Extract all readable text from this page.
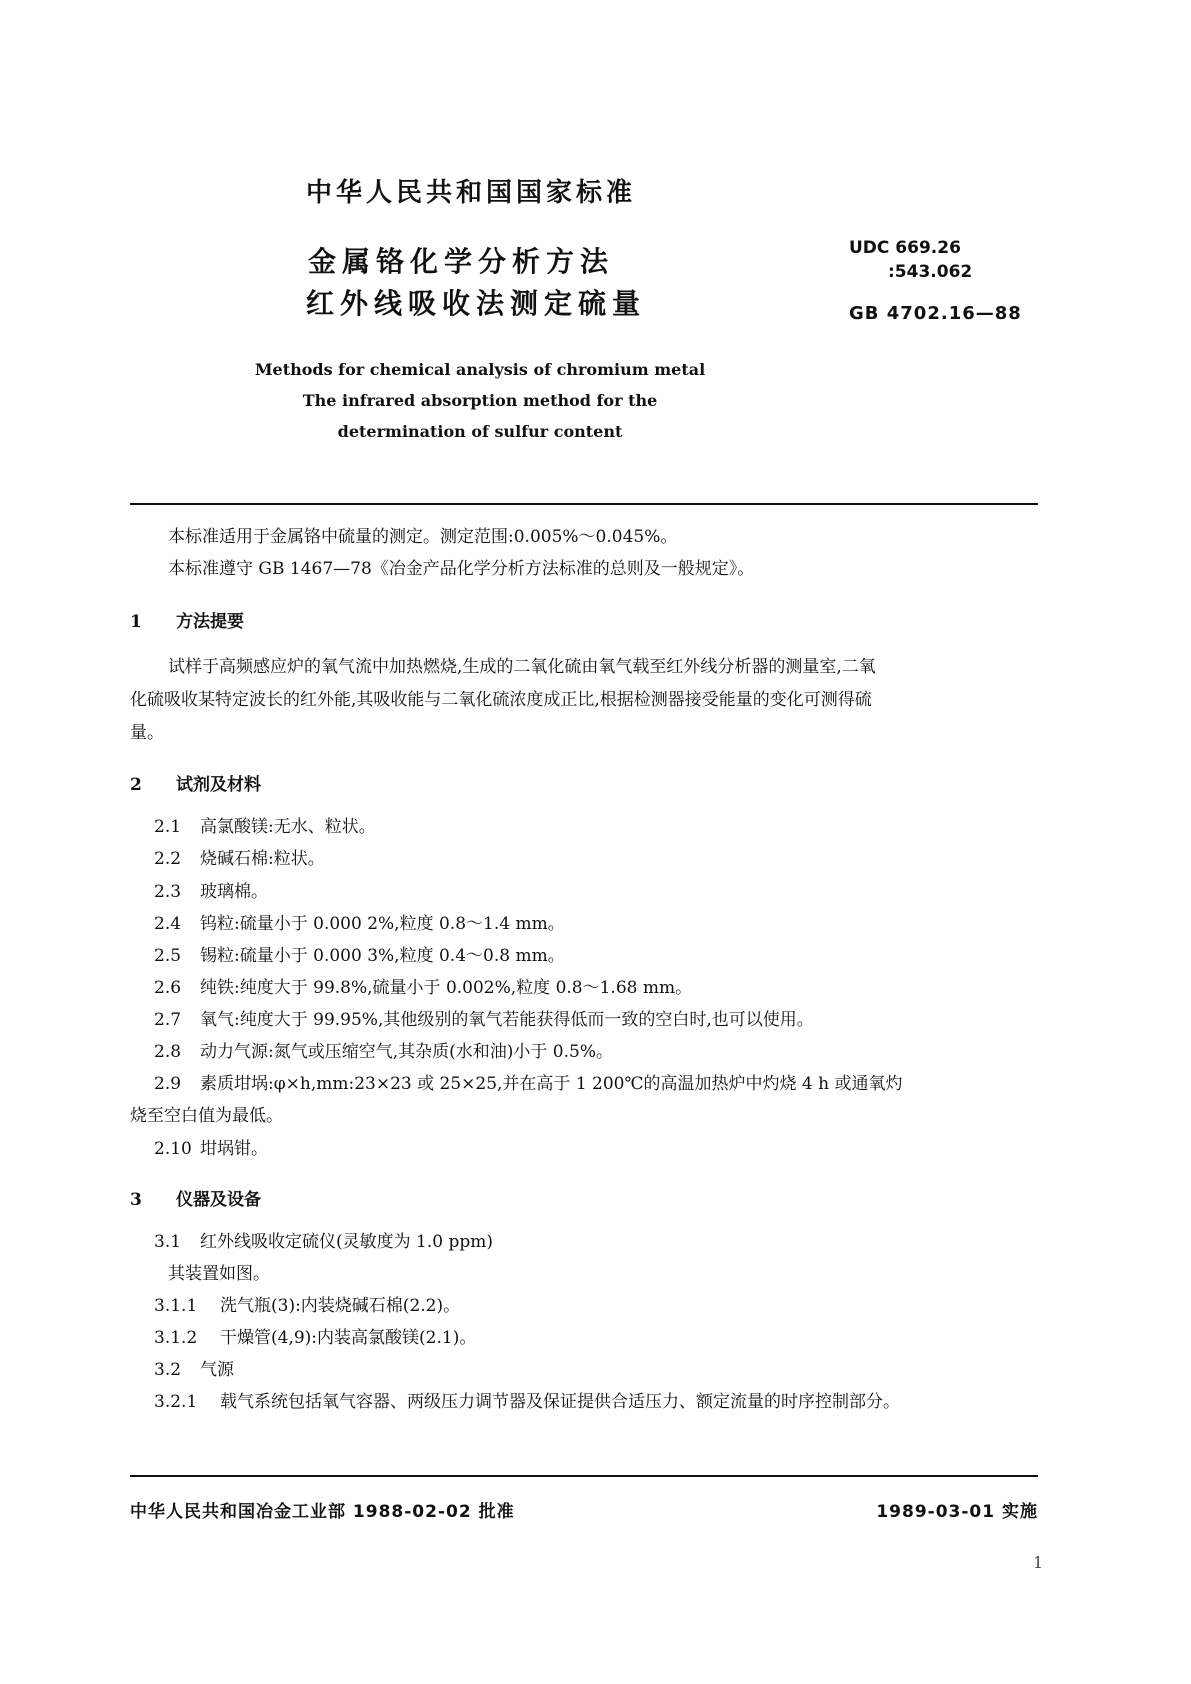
中华人民共和国国家标准
金属铬化学分析方法
红外线吸收法测定硫量
UDC 669.26
:543.062
GB 4702.16—88
Methods for chemical analysis of chromium metal
The infrared absorption method for the
determination of sulfur content
本标准适用于金属铬中硫量的测定。测定范围:0.005%～0.045%。
本标准遵守 GB 1467—78《冶金产品化学分析方法标准的总则及一般规定》。
1 方法提要
试样于高频感应炉的氧气流中加热燃烧,生成的二氧化硫由氧气载至红外线分析器的测量室,二氧
化硫吸收某特定波长的红外能,其吸收能与二氧化硫浓度成正比,根据检测器接受能量的变化可测得硫
量。
2 试剂及材料
2.1 高氯酸镁:无水、粒状。
2.2 烧碱石棉:粒状。
2.3 玻璃棉。
2.4 钨粒:硫量小于 0.000 2%,粒度 0.8～1.4 mm。
2.5 锡粒:硫量小于 0.000 3%,粒度 0.4～0.8 mm。
2.6 纯铁:纯度大于 99.8%,硫量小于 0.002%,粒度 0.8～1.68 mm。
2.7 氧气:纯度大于 99.95%,其他级别的氧气若能获得低而一致的空白时,也可以使用。
2.8 动力气源:氮气或压缩空气,其杂质(水和油)小于 0.5%。
2.9 素质坩埚:φ×h,mm:23×23 或 25×25,并在高于 1 200℃的高温加热炉中灼烧 4 h 或通氧灼
烧至空白值为最低。
2.10 坩埚钳。
3 仪器及设备
3.1 红外线吸收定硫仪(灵敏度为 1.0 ppm)
其装置如图。
3.1.1 洗气瓶(3):内装烧碱石棉(2.2)。
3.1.2 干燥管(4,9):内装高氯酸镁(2.1)。
3.2 气源
3.2.1 载气系统包括氧气容器、两级压力调节器及保证提供合适压力、额定流量的时序控制部分。
中华人民共和国冶金工业部 1988-02-02 批准	1989-03-01 实施
1
